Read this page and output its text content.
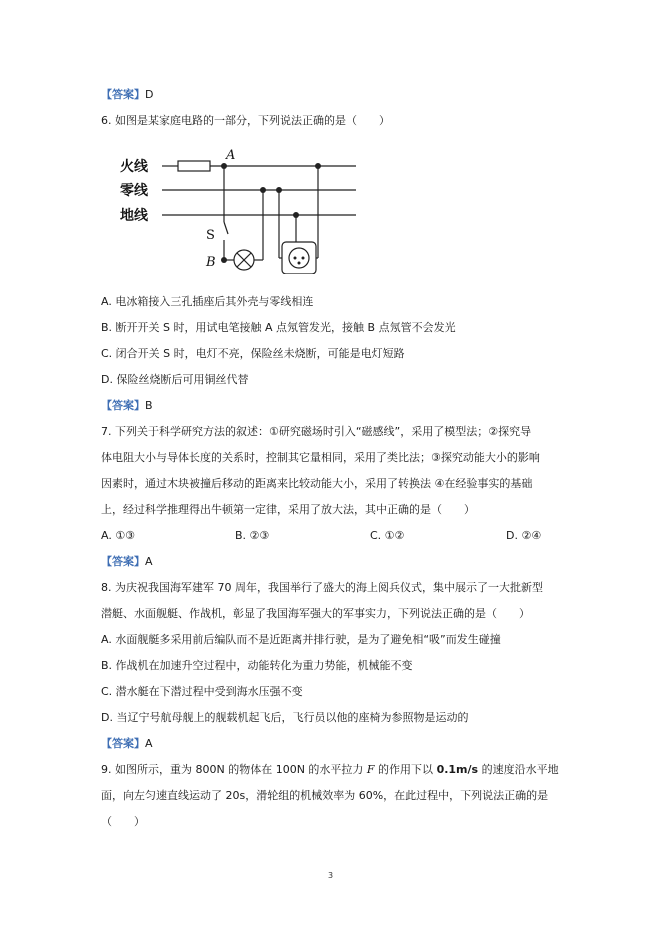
【答案】D
6. 如图是某家庭电路的一部分，下列说法正确的是（　　）
火线
零线
地线
A
S
B
A. 电冰箱接入三孔插座后其外壳与零线相连
B. 断开开关 S 时，用试电笔接触 A 点氖管发光，接触 B 点氖管不会发光
C. 闭合开关 S 时，电灯不亮，保险丝未烧断，可能是电灯短路
D. 保险丝烧断后可用铜丝代替
【答案】B
7. 下列关于科学研究方法的叙述：①研究磁场时引入“磁感线”，采用了模型法；②探究导
体电阻大小与导体长度的关系时，控制其它量相同，采用了类比法；③探究动能大小的影响
因素时，通过木块被撞后移动的距离来比较动能大小，采用了转换法 ④在经验事实的基础
上，经过科学推理得出牛顿第一定律，采用了放大法，其中正确的是（　　）
A. ①③	B. ②③	C. ①②	D. ②④
【答案】A
8. 为庆祝我国海军建军 70 周年，我国举行了盛大的海上阅兵仪式，集中展示了一大批新型
潜艇、水面舰艇、作战机，彰显了我国海军强大的军事实力，下列说法正确的是（　　）
A. 水面舰艇多采用前后编队而不是近距离并排行驶，是为了避免相“吸”而发生碰撞
B. 作战机在加速升空过程中，动能转化为重力势能，机械能不变
C. 潜水艇在下潜过程中受到海水压强不变
D. 当辽宁号航母舰上的舰载机起飞后，飞行员以他的座椅为参照物是运动的
【答案】A
9. 如图所示，重为 800N 的物体在 100N 的水平拉力 F 的作用下以 0.1m/s 的速度沿水平地
面，向左匀速直线运动了 20s，滑轮组的机械效率为 60%，在此过程中，下列说法正确的是
（　　）
3
